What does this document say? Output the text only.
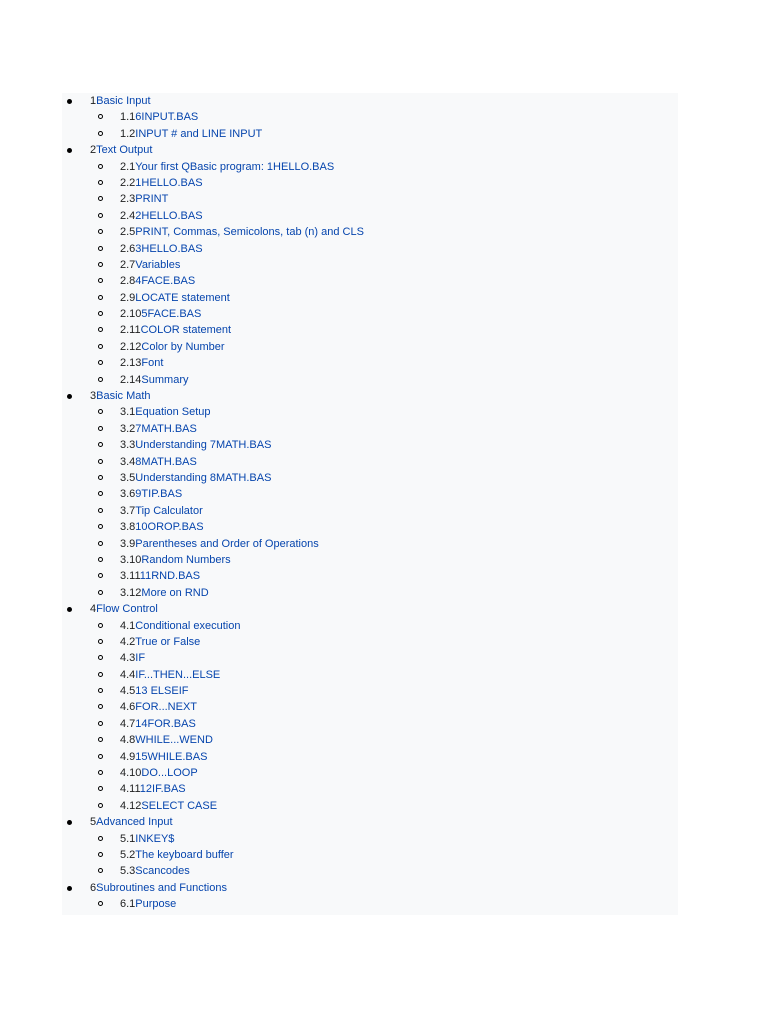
1Basic Input
1.16INPUT.BAS
1.2INPUT # and LINE INPUT
2Text Output
2.1Your first QBasic program: 1HELLO.BAS
2.21HELLO.BAS
2.3PRINT
2.42HELLO.BAS
2.5PRINT, Commas, Semicolons, tab (n) and CLS
2.63HELLO.BAS
2.7Variables
2.84FACE.BAS
2.9LOCATE statement
2.105FACE.BAS
2.11COLOR statement
2.12Color by Number
2.13Font
2.14Summary
3Basic Math
3.1Equation Setup
3.27MATH.BAS
3.3Understanding 7MATH.BAS
3.48MATH.BAS
3.5Understanding 8MATH.BAS
3.69TIP.BAS
3.7Tip Calculator
3.810OROP.BAS
3.9Parentheses and Order of Operations
3.10Random Numbers
3.1111RND.BAS
3.12More on RND
4Flow Control
4.1Conditional execution
4.2True or False
4.3IF
4.4IF...THEN...ELSE
4.513 ELSEIF
4.6FOR...NEXT
4.714FOR.BAS
4.8WHILE...WEND
4.915WHILE.BAS
4.10DO...LOOP
4.1112IF.BAS
4.12SELECT CASE
5Advanced Input
5.1INKEY$
5.2The keyboard buffer
5.3Scancodes
6Subroutines and Functions
6.1Purpose
